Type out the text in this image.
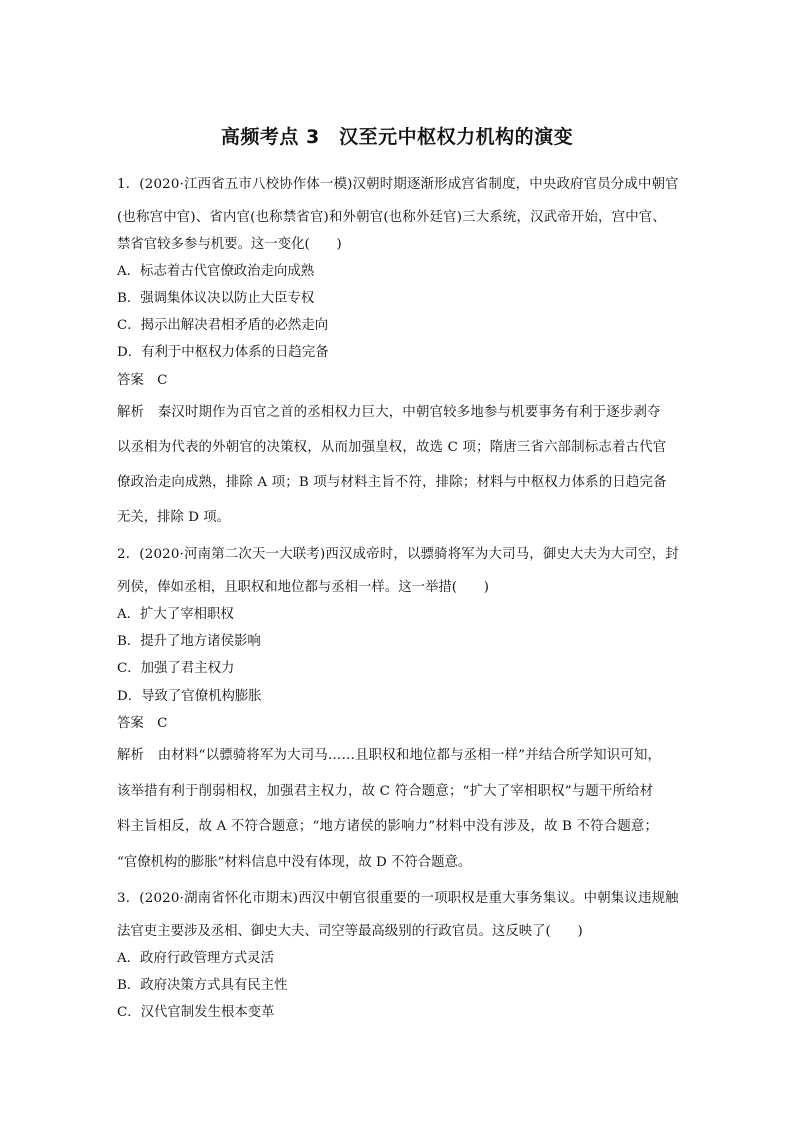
高频考点 3　汉至元中枢权力机构的演变
1．(2020·江西省五市八校协作体一模)汉朝时期逐渐形成宫省制度，中央政府官员分成中朝官
(也称宫中官)、省内官(也称禁省官)和外朝官(也称外廷官)三大系统，汉武帝开始，宫中官、
禁省官较多参与机要。这一变化(　　)
A．标志着古代官僚政治走向成熟
B．强调集体议决以防止大臣专权
C．揭示出解决君相矛盾的必然走向
D．有利于中枢权力体系的日趋完备
答案　C
解析　秦汉时期作为百官之首的丞相权力巨大，中朝官较多地参与机要事务有利于逐步剥夺
以丞相为代表的外朝官的决策权，从而加强皇权，故选 C 项；隋唐三省六部制标志着古代官
僚政治走向成熟，排除 A 项；B 项与材料主旨不符，排除；材料与中枢权力体系的日趋完备
无关，排除 D 项。
2．(2020·河南第二次天一大联考)西汉成帝时，以骠骑将军为大司马，御史大夫为大司空，封
列侯，俸如丞相，且职权和地位都与丞相一样。这一举措(　　)
A．扩大了宰相职权
B．提升了地方诸侯影响
C．加强了君主权力
D．导致了官僚机构膨胀
答案　C
解析　由材料“以骠骑将军为大司马……且职权和地位都与丞相一样”并结合所学知识可知，
该举措有利于削弱相权，加强君主权力，故 C 符合题意；“扩大了宰相职权”与题干所给材
料主旨相反，故 A 不符合题意；“地方诸侯的影响力”材料中没有涉及，故 B 不符合题意；
“官僚机构的膨胀”材料信息中没有体现，故 D 不符合题意。
3．(2020·湖南省怀化市期末)西汉中朝官很重要的一项职权是重大事务集议。中朝集议违规触
法官吏主要涉及丞相、御史大夫、司空等最高级别的行政官员。这反映了(　　)
A．政府行政管理方式灵活
B．政府决策方式具有民主性
C．汉代官制发生根本变革
